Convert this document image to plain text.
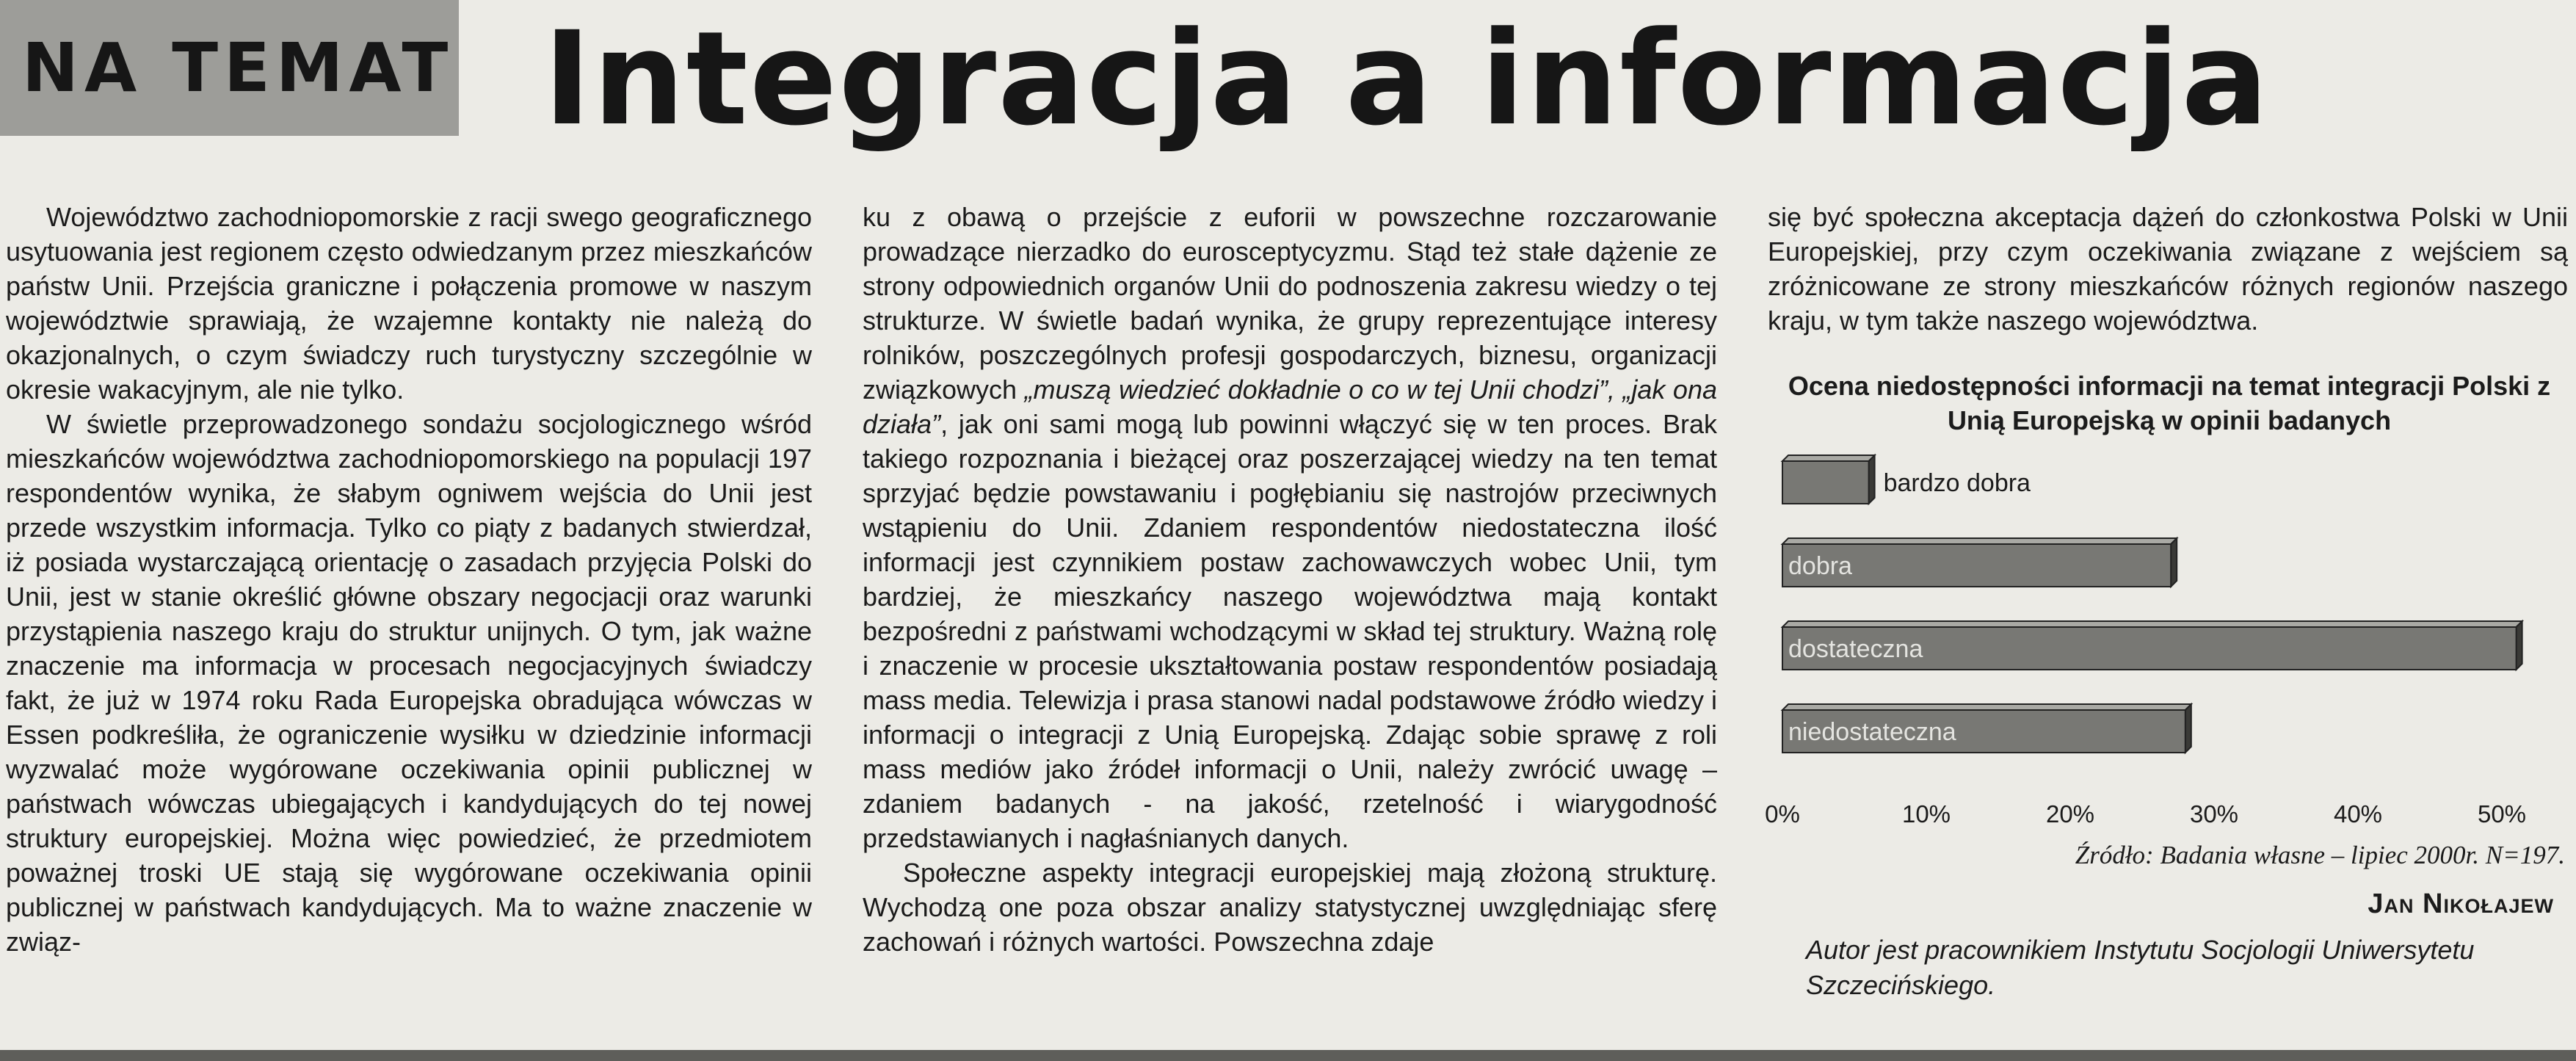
NA TEMAT Integracja a informacja

Województwo zachodniopomorskie z racji swego geograficznego usytuowania jest regionem często odwiedzanym przez mieszkańców państw Unii. Przejścia graniczne i połączenia promowe w naszym województwie sprawiają, że wzajemne kontakty nie należą do okazjonalnych, o czym świadczy ruch turystyczny szczególnie w okresie wakacyjnym, ale nie tylko.

W świetle przeprowadzonego sondażu socjologicznego wśród mieszkańców województwa zachodniopomorskiego na populacji 197 respondentów wynika, że słabym ogniwem wejścia do Unii jest przede wszystkim informacja. Tylko co piąty z badanych stwierdzał, iż posiada wystarczającą orientację o zasadach przyjęcia Polski do Unii, jest w stanie określić główne obszary negocjacji oraz warunki przystąpienia naszego kraju do struktur unijnych. O tym, jak ważne znaczenie ma informacja w procesach negocjacyjnych świadczy fakt, że już w 1974 roku Rada Europejska obradująca wówczas w Essen podkreśliła, że ograniczenie wysiłku w dziedzinie informacji wyzwalać może wygórowane oczekiwania opinii publicznej w państwach wówczas ubiegających i kandydujących do tej nowej struktury europejskiej. Można więc powiedzieć, że przedmiotem poważnej troski UE stają się wygórowane oczekiwania opinii publicznej w państwach kandydujących. Ma to ważne znaczenie w związ-

ku z obawą o przejście z euforii w powszechne rozczarowanie prowadzące nierzadko do eurosceptycyzmu. Stąd też stałe dążenie ze strony odpowiednich organów Unii do podnoszenia zakresu wiedzy o tej strukturze. W świetle badań wynika, że grupy reprezentujące interesy rolników, poszczególnych profesji gospodarczych, biznesu, organizacji związkowych „muszą wiedzieć dokładnie o co w tej Unii chodzi”, „jak ona działa”, jak oni sami mogą lub powinni włączyć się w ten proces. Brak takiego rozpoznania i bieżącej oraz poszerzającej wiedzy na ten temat sprzyjać będzie powstawaniu i pogłębianiu się nastrojów przeciwnych wstąpieniu do Unii. Zdaniem respondentów niedostateczna ilość informacji jest czynnikiem postaw zachowawczych wobec Unii, tym bardziej, że mieszkańcy naszego województwa mają kontakt bezpośredni z państwami wchodzącymi w skład tej struktury. Ważną rolę i znaczenie w procesie ukształtowania postaw respondentów posiadają mass media. Telewizja i prasa stanowi nadal podstawowe źródło wiedzy i informacji o integracji z Unią Europejską. Zdając sobie sprawę z roli mass mediów jako źródeł informacji o Unii, należy zwrócić uwagę – zdaniem badanych - na jakość, rzetelność i wiarygodność przedstawianych i nagłaśnianych danych.

Społeczne aspekty integracji europejskiej mają złożoną strukturę. Wychodzą one poza obszar analizy statystycznej uwzględniając sferę zachowań i różnych wartości. Powszechna zdaje

się być społeczna akceptacja dążeń do członkostwa Polski w Unii Europejskiej, przy czym oczekiwania związane z wejściem są zróżnicowane ze strony mieszkańców różnych regionów naszego kraju, w tym także naszego województwa.

Ocena niedostępności informacji na temat integracji Polski z Unią Europejską w opinii badanych
bardzo dobra
dobra
dostateczna
niedostateczna
0%	10%	20%	30%	40%	50%
Źródło: Badania własne – lipiec 2000r. N=197.
Jan Nikołajew
Autor jest pracownikiem Instytutu Socjologii Uniwersytetu Szczecińskiego.
